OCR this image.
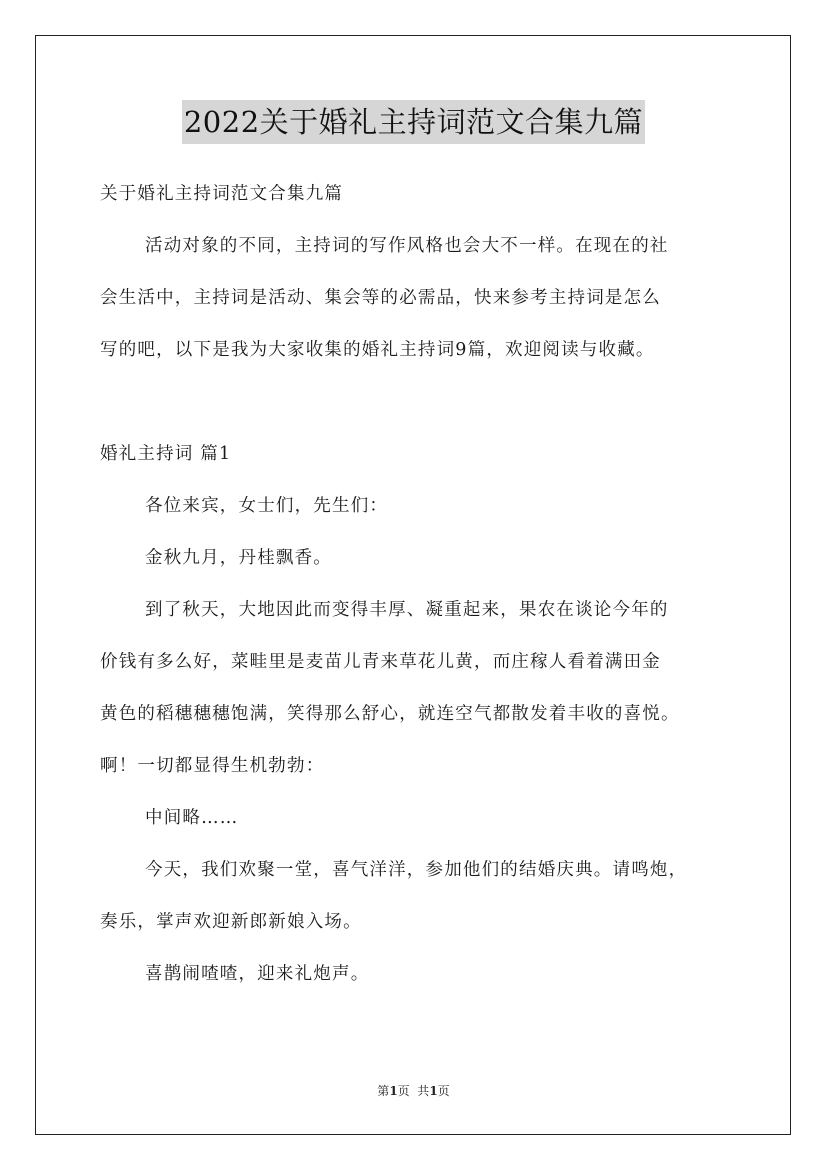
2022关于婚礼主持词范文合集九篇
关于婚礼主持词范文合集九篇
活动对象的不同，主持词的写作风格也会大不一样。在现在的社
会生活中，主持词是活动、集会等的必需品，快来参考主持词是怎么
写的吧，以下是我为大家收集的婚礼主持词9篇，欢迎阅读与收藏。
婚礼主持词 篇1
各位来宾，女士们，先生们：
金秋九月，丹桂飘香。
到了秋天，大地因此而变得丰厚、凝重起来，果农在谈论今年的
价钱有多么好，菜畦里是麦苗儿青来草花儿黄，而庄稼人看着满田金
黄色的稻穗穗穗饱满，笑得那么舒心，就连空气都散发着丰收的喜悦。
啊！一切都显得生机勃勃：
中间略……
今天，我们欢聚一堂，喜气洋洋，参加他们的结婚庆典。请鸣炮，
奏乐，掌声欢迎新郎新娘入场。
喜鹊闹喳喳，迎来礼炮声。
第1页  共1页
